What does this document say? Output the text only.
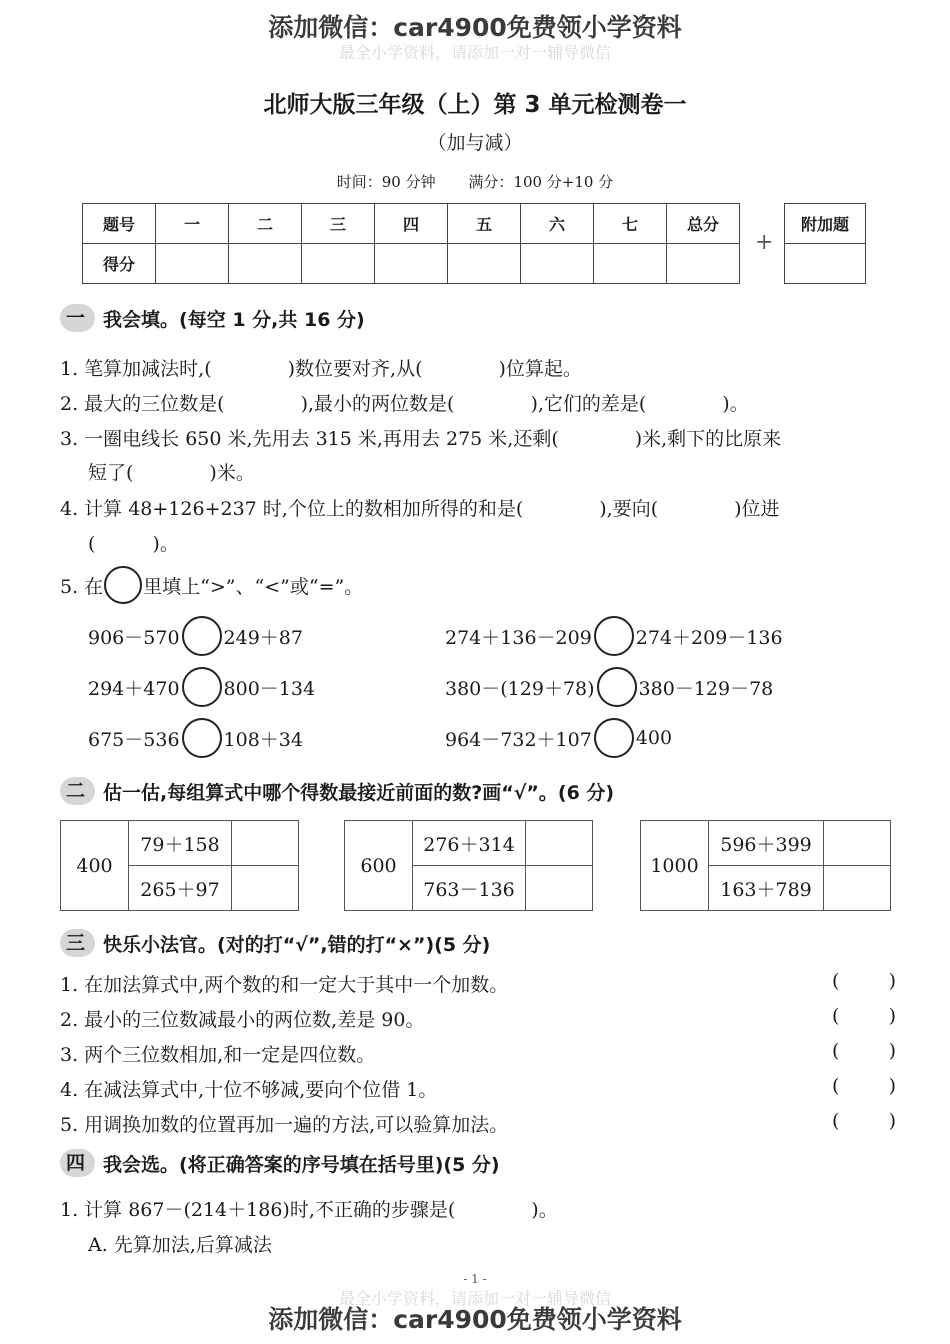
添加微信：car4900免费领小学资料
最全小学资料，请添加一对一辅导微信
北师大版三年级（上）第 3 单元检测卷一
（加与减）
时间：90 分钟 满分：100 分+10 分
题号	一	二	三	四	五	六	七	总分
得分								
+
附加题

一 我会填。(每空 1 分,共 16 分)
1. 笔算加减法时,(　　　　)数位要对齐,从(　　　　)位算起。
2. 最大的三位数是(　　　　),最小的两位数是(　　　　),它们的差是(　　　　)。
3. 一圈电线长 650 米,先用去 315 米,再用去 275 米,还剩(　　　　)米,剩下的比原来
短了(　　　　)米。
4. 计算 48+126+237 时,个位上的数相加所得的和是(　　　　),要向(　　　　)位进
(　　　)。
5. 在 里填上“>”、“<”或“=”。
906－570 249＋87	274＋136－209 274＋209－136
294＋470 800－134	380－(129＋78) 380－129－78
675－536 108＋34	964－732＋107 400
二 估一估,每组算式中哪个得数最接近前面的数?画“√”。(6 分)
400	79＋158	
	265＋97	
600	276＋314	
	763－136	
1000	596＋399	
	163＋789	
三 快乐小法官。(对的打“√”,错的打“×”)(5 分)
1. 在加法算式中,两个数的和一定大于其中一个加数。	(	)
2. 最小的三位数减最小的两位数,差是 90。	(	)
3. 两个三位数相加,和一定是四位数。	(	)
4. 在减法算式中,十位不够减,要向个位借 1。	(	)
5. 用调换加数的位置再加一遍的方法,可以验算加法。	(	)
四 我会选。(将正确答案的序号填在括号里)(5 分)
1. 计算 867－(214＋186)时,不正确的步骤是(　　　　)。
A. 先算加法,后算减法
- 1 -
最全小学资料，请添加一对一辅导微信
添加微信：car4900免费领小学资料
